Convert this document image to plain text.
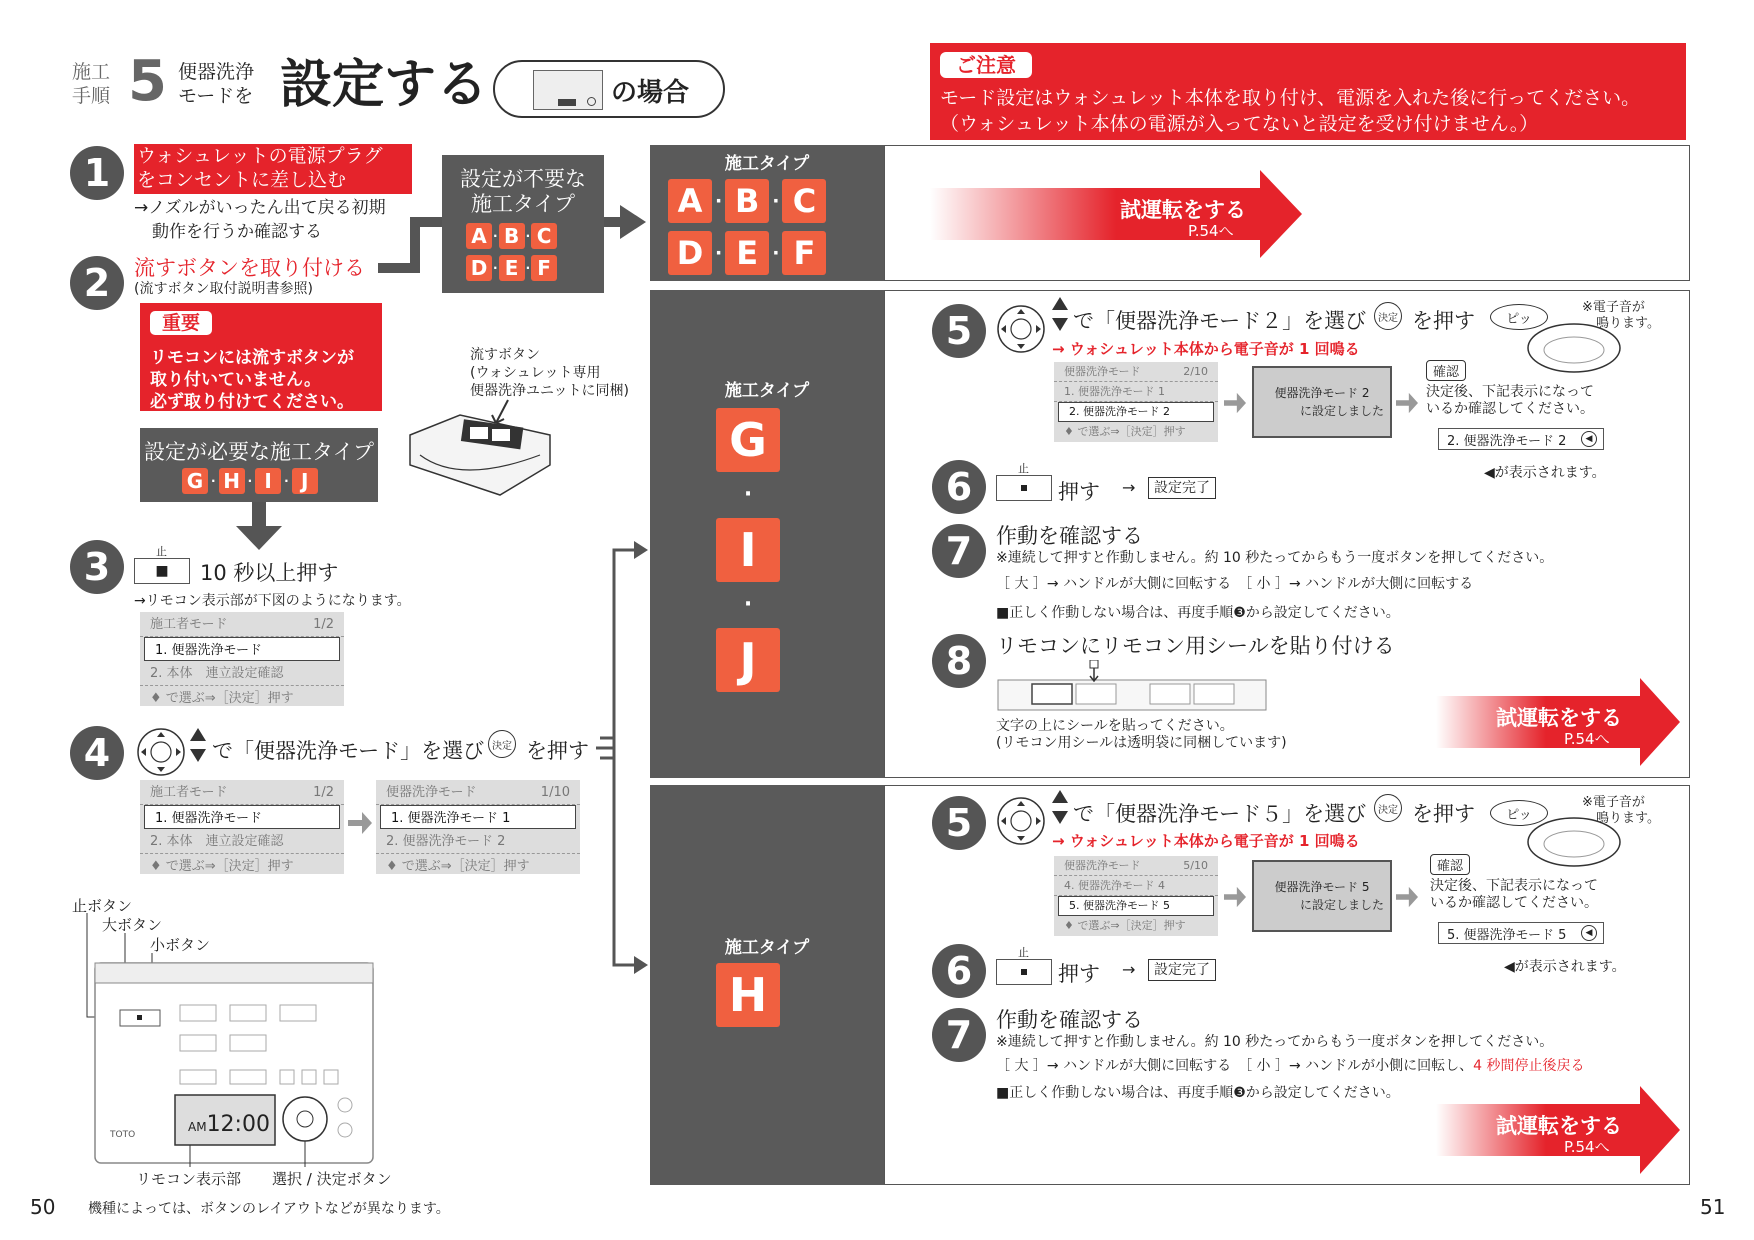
施工
手順 5 便器洗浄
モードを 設定する	の場合
ご注意
モード設定はウォシュレット本体を取り付け、電源を入れた後に行ってください。
（ウォシュレット本体の電源が入ってないと設定を受け付けません。）
1	ウォシュレットの電源プラグ
をコンセントに差し込む
→ノズルがいったん出て戻る初期
動作を行うか確認する
設定が不要な
施工タイプ
A · B · C
D · E · F
2	流すボタンを取り付ける
(流すボタン取付説明書参照)
重要
リモコンには流すボタンが
取り付いていません。
必ず取り付けてください。
流すボタン
(ウォシュレット専用
便器洗浄ユニットに同梱)
設定が必要な施工タイプ
G · H · I · J
3	止
■	10 秒以上押す
→リモコン表示部が下図のようになります。
施工者モード	1/2
1. 便器洗浄モード
2. 本体　連立設定確認
♦ で選ぶ⇒［決定］押す
4	で「便器洗浄モード」を選び 決定 を押す
施工者モード	1/2
1. 便器洗浄モード
2. 本体　連立設定確認
♦ で選ぶ⇒［決定］押す
便器洗浄モード	1/10
1. 便器洗浄モード 1
2. 便器洗浄モード 2
♦ で選ぶ⇒［決定］押す
止ボタン
大ボタン
小ボタン
AM12:00
TOTO
リモコン表示部 選択 / 決定ボタン
50 機種によっては、ボタンのレイアウトなどが異なります。	51
施工タイプ
A · B · C
D · E · F
試運転をする
P.54へ
施工タイプ
G
·
I
·
J
5	で「便器洗浄モード２」を選び	決定 を押す
→ ウォシュレット本体から電子音が 1 回鳴る
ピッ
※電子音が
鳴ります。
便器洗浄モード	2/10
1. 便器洗浄モード 1
2. 便器洗浄モード 2
♦ で選ぶ⇒［決定］押す
便器洗浄モード 2
に設定しました
確認
決定後、下記表示になって
いるか確認してください。
2. 便器洗浄モード 2	◀
◀が表示されます。
6	止
押す →	設定完了
7	作動を確認する
※連続して押すと作動しません。約 10 秒たってからもう一度ボタンを押してください。
［ 大 ］→ ハンドルが大側に回転する　［ 小 ］→ ハンドルが大側に回転する
■正しく作動しない場合は、再度手順❸から設定してください。
8	リモコンにリモコン用シールを貼り付ける
文字の上にシールを貼ってください。
(リモコン用シールは透明袋に同梱しています)
試運転をする
P.54へ
施工タイプ
H
5	で「便器洗浄モード５」を選び	決定 を押す
→ ウォシュレット本体から電子音が 1 回鳴る
ピッ
※電子音が
鳴ります。
便器洗浄モード	5/10
4. 便器洗浄モード 4
5. 便器洗浄モード 5
♦ で選ぶ⇒［決定］押す
便器洗浄モード 5
に設定しました
確認
決定後、下記表示になって
いるか確認してください。
5. 便器洗浄モード 5	◀
◀が表示されます。
6	止
押す →	設定完了
7	作動を確認する
※連続して押すと作動しません。約 10 秒たってからもう一度ボタンを押してください。
［ 大 ］→ ハンドルが大側に回転する　［ 小 ］→ ハンドルが小側に回転し、4 秒間停止後戻る
■正しく作動しない場合は、再度手順❸から設定してください。
試運転をする
P.54へ
